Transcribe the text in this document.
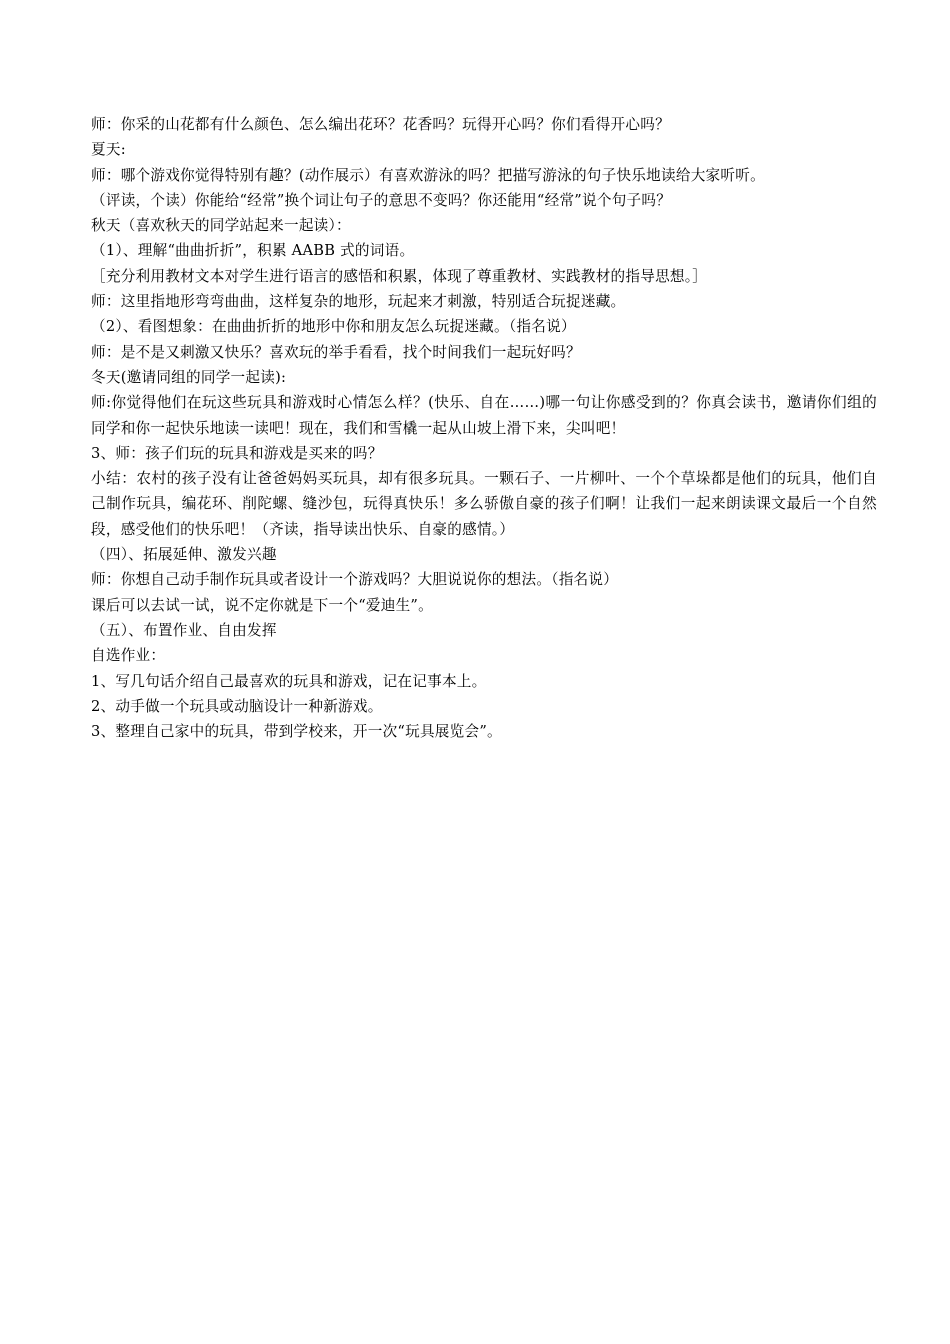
师：你采的山花都有什么颜色、怎么编出花环？花香吗？玩得开心吗？你们看得开心吗？
夏天:
师：哪个游戏你觉得特别有趣？(动作展示）有喜欢游泳的吗？把描写游泳的句子快乐地读给大家听听。
（评读，个读）你能给“经常”换个词让句子的意思不变吗？你还能用“经常”说个句子吗？
秋天（喜欢秋天的同学站起来一起读）：
（1）、理解“曲曲折折”，积累 AABB 式的词语。
［充分利用教材文本对学生进行语言的感悟和积累，体现了尊重教材、实践教材的指导思想。］
师：这里指地形弯弯曲曲，这样复杂的地形，玩起来才刺激，特别适合玩捉迷藏。
（2）、看图想象：在曲曲折折的地形中你和朋友怎么玩捉迷藏。（指名说）
师：是不是又刺激又快乐？喜欢玩的举手看看，找个时间我们一起玩好吗？
冬天(邀请同组的同学一起读):
师:你觉得他们在玩这些玩具和游戏时心情怎么样？(快乐、自在……)哪一句让你感受到的？你真会读书，邀请你们组的同学和你一起快乐地读一读吧！现在，我们和雪橇一起从山坡上滑下来，尖叫吧！
3、师：孩子们玩的玩具和游戏是买来的吗？
小结：农村的孩子没有让爸爸妈妈买玩具，却有很多玩具。一颗石子、一片柳叶、一个个草垛都是他们的玩具，他们自己制作玩具，编花环、削陀螺、缝沙包，玩得真快乐！多么骄傲自豪的孩子们啊！让我们一起来朗读课文最后一个自然段，感受他们的快乐吧！（齐读，指导读出快乐、自豪的感情。）
（四）、拓展延伸、激发兴趣
师：你想自己动手制作玩具或者设计一个游戏吗？大胆说说你的想法。（指名说）
课后可以去试一试，说不定你就是下一个“爱迪生”。
（五）、布置作业、自由发挥
自选作业：
1、写几句话介绍自己最喜欢的玩具和游戏，记在记事本上。
2、动手做一个玩具或动脑设计一种新游戏。
3、整理自己家中的玩具，带到学校来，开一次“玩具展览会”。
